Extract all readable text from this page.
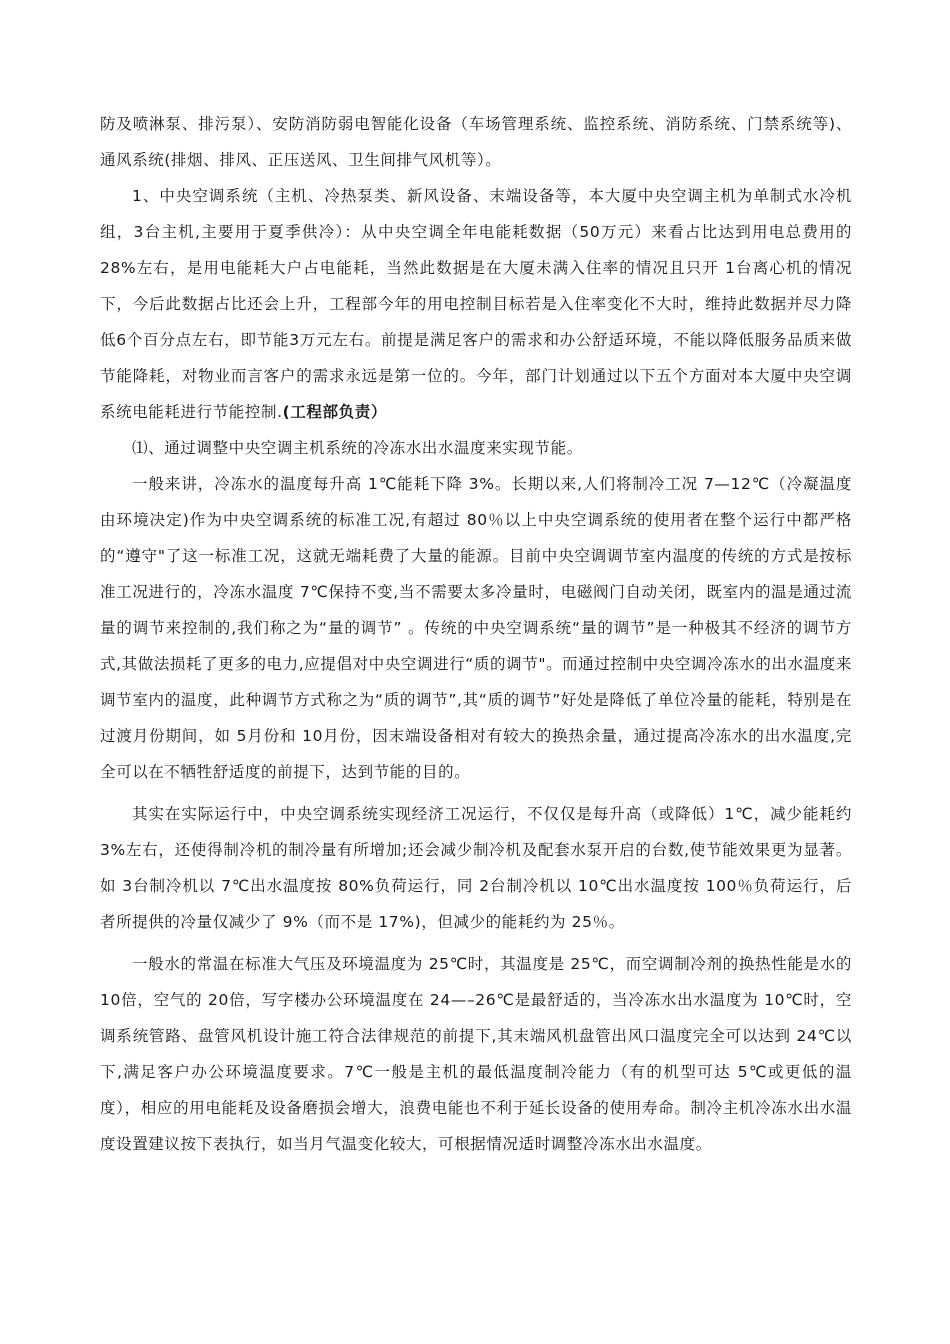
防及喷淋泵、排污泵）、安防消防弱电智能化设备（车场管理系统、监控系统、消防系统、门禁系统等)、通风系统(排烟、排风、正压送风、卫生间排气风机等）。

1、中央空调系统（主机、冷热泵类、新风设备、末端设备等，本大厦中央空调主机为单制式水冷机组，3台主机,主要用于夏季供冷）：从中央空调全年电能耗数据（50万元）来看占比达到用电总费用的28%左右，是用电能耗大户占电能耗，当然此数据是在大厦未满入住率的情况且只开 1台离心机的情况下，今后此数据占比还会上升，工程部今年的用电控制目标若是入住率变化不大时，维持此数据并尽力降低6个百分点左右，即节能3万元左右。前提是满足客户的需求和办公舒适环境，不能以降低服务品质来做节能降耗，对物业而言客户的需求永远是第一位的。今年，部门计划通过以下五个方面对本大厦中央空调系统电能耗进行节能控制.(工程部负责）

⑴、通过调整中央空调主机系统的冷冻水出水温度来实现节能。

一般来讲，冷冻水的温度每升高 1℃能耗下降 3%。长期以来,人们将制冷工况 7—12℃（冷凝温度由环境决定)作为中央空调系统的标准工况,有超过 80％以上中央空调系统的使用者在整个运行中都严格的“遵守"了这一标准工况，这就无端耗费了大量的能源。目前中央空调调节室内温度的传统的方式是按标准工况进行的，冷冻水温度 7℃保持不变,当不需要太多冷量时，电磁阀门自动关闭，既室内的温是通过流量的调节来控制的,我们称之为“量的调节” 。传统的中央空调系统“量的调节”是一种极其不经济的调节方式,其做法损耗了更多的电力,应提倡对中央空调进行“质的调节"。而通过控制中央空调冷冻水的出水温度来调节室内的温度，此种调节方式称之为“质的调节”,其“质的调节”好处是降低了单位冷量的能耗，特别是在过渡月份期间，如 5月份和 10月份，因末端设备相对有较大的换热余量，通过提高冷冻水的出水温度,完全可以在不牺牲舒适度的前提下，达到节能的目的。

其实在实际运行中，中央空调系统实现经济工况运行，不仅仅是每升高（或降低）1℃，减少能耗约 3%左右，还使得制冷机的制冷量有所增加;还会减少制冷机及配套水泵开启的台数,使节能效果更为显著。如 3台制冷机以 7℃出水温度按 80%负荷运行，同 2台制冷机以 10℃出水温度按 100％负荷运行，后者所提供的冷量仅减少了 9%（而不是 17%)，但减少的能耗约为 25％。

一般水的常温在标准大气压及环境温度为 25℃时，其温度是 25℃，而空调制冷剂的换热性能是水的 10倍，空气的 20倍，写字楼办公环境温度在 24—–26℃是最舒适的，当冷冻水出水温度为 10℃时，空调系统管路、盘管风机设计施工符合法律规范的前提下,其末端风机盘管出风口温度完全可以达到 24℃以下,满足客户办公环境温度要求。7℃一般是主机的最低温度制冷能力（有的机型可达 5℃或更低的温度），相应的用电能耗及设备磨损会增大，浪费电能也不利于延长设备的使用寿命。制冷主机冷冻水出水温度设置建议按下表执行，如当月气温变化较大，可根据情况适时调整冷冻水出水温度。
